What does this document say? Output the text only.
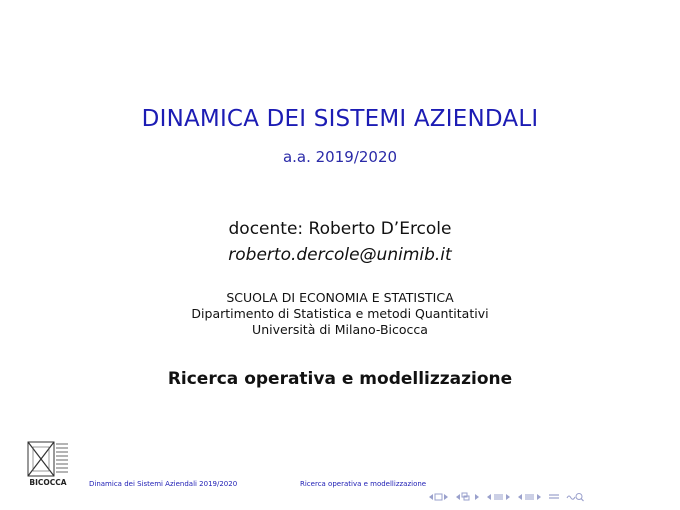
DINAMICA DEI SISTEMI AZIENDALI
a.a. 2019/2020
docente: Roberto D’Ercole
roberto.dercole@unimib.it
SCUOLA DI ECONOMIA E STATISTICA
Dipartimento di Statistica e metodi Quantitativi
Università di Milano-Bicocca
Ricerca operativa e modellizzazione
BICOCCA	Dinamica dei Sistemi Aziendali 2019/2020	Ricerca operativa e modellizzazione
